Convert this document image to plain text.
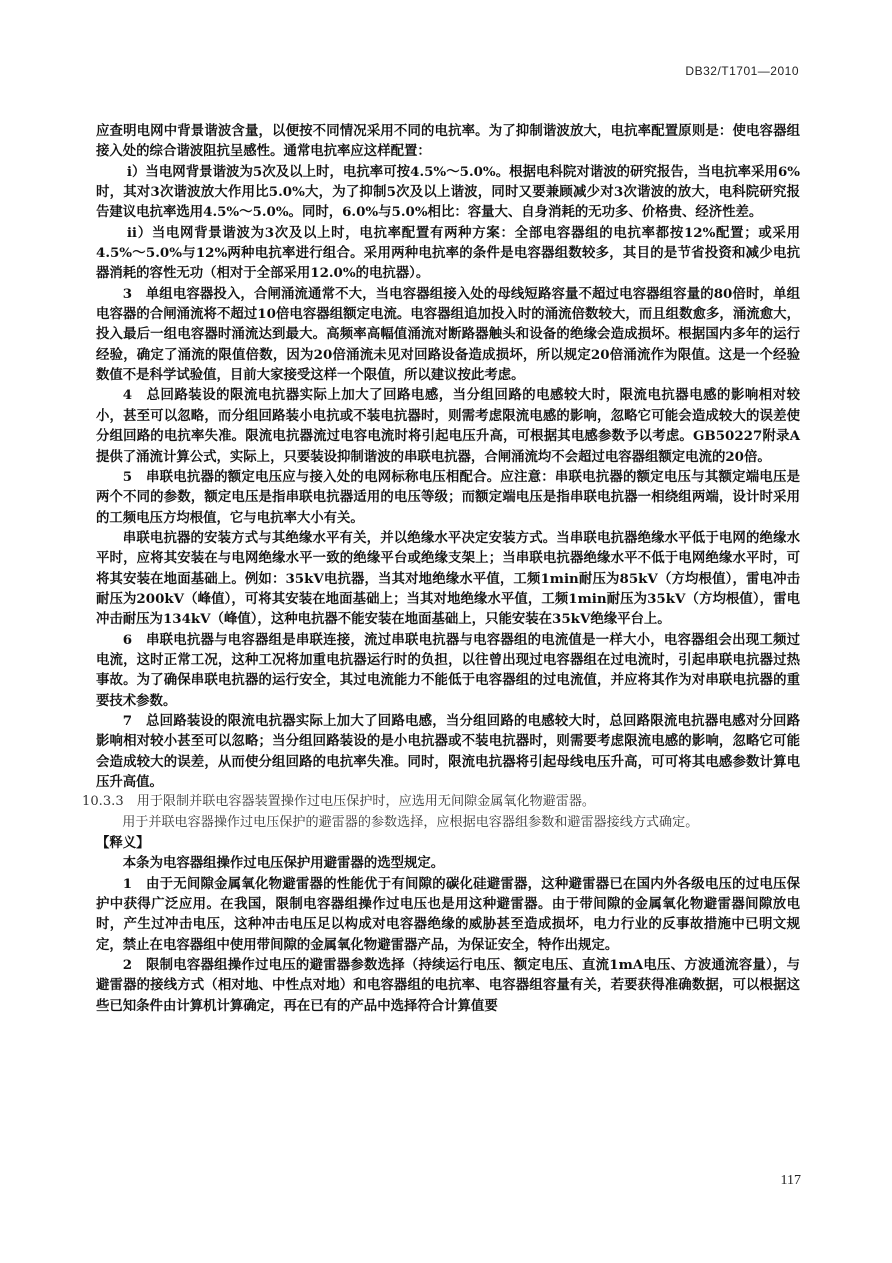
DB32/T1701—2010

应查明电网中背景谐波含量，以便按不同情况采用不同的电抗率。为了抑制谐波放大，电抗率配置原则是：使电容器组接入处的综合谐波阻抗呈感性。通常电抗率应这样配置：

i）当电网背景谐波为5次及以上时，电抗率可按4.5%～5.0%。根据电科院对谐波的研究报告，当电抗率采用6%时，其对3次谐波放大作用比5.0%大，为了抑制5次及以上谐波，同时又要兼顾减少对3次谐波的放大，电科院研究报告建议电抗率选用4.5%～5.0%。同时，6.0%与5.0%相比：容量大、自身消耗的无功多、价格贵、经济性差。

ii）当电网背景谐波为3次及以上时，电抗率配置有两种方案：全部电容器组的电抗率都按12%配置；或采用4.5%～5.0%与12%两种电抗率进行组合。采用两种电抗率的条件是电容器组数较多，其目的是节省投资和减少电抗器消耗的容性无功（相对于全部采用12.0%的电抗器）。

3　单组电容器投入，合闸涌流通常不大，当电容器组接入处的母线短路容量不超过电容器组容量的80倍时，单组电容器的合闸涌流将不超过10倍电容器组额定电流。电容器组追加投入时的涌流倍数较大，而且组数愈多，涌流愈大，投入最后一组电容器时涌流达到最大。高频率高幅值涌流对断路器触头和设备的绝缘会造成损坏。根据国内多年的运行经验，确定了涌流的限值倍数，因为20倍涌流未见对回路设备造成损坏，所以规定20倍涌流作为限值。这是一个经验数值不是科学试验值，目前大家接受这样一个限值，所以建议按此考虑。

4　总回路装设的限流电抗器实际上加大了回路电感，当分组回路的电感较大时，限流电抗器电感的影响相对较小，甚至可以忽略，而分组回路装小电抗或不装电抗器时，则需考虑限流电感的影响，忽略它可能会造成较大的误差使分组回路的电抗率失准。限流电抗器流过电容电流时将引起电压升高，可根据其电感参数予以考虑。GB50227附录A提供了涌流计算公式，实际上，只要装设抑制谐波的串联电抗器，合闸涌流均不会超过电容器组额定电流的20倍。

5　串联电抗器的额定电压应与接入处的电网标称电压相配合。应注意：串联电抗器的额定电压与其额定端电压是两个不同的参数，额定电压是指串联电抗器适用的电压等级；而额定端电压是指串联电抗器一相绕组两端，设计时采用的工频电压方均根值，它与电抗率大小有关。

串联电抗器的安装方式与其绝缘水平有关，并以绝缘水平决定安装方式。当串联电抗器绝缘水平低于电网的绝缘水平时，应将其安装在与电网绝缘水平一致的绝缘平台或绝缘支架上；当串联电抗器绝缘水平不低于电网绝缘水平时，可将其安装在地面基础上。例如：35kV电抗器，当其对地绝缘水平值，工频1min耐压为85kV（方均根值），雷电冲击耐压为200kV（峰值），可将其安装在地面基础上；当其对地绝缘水平值，工频1min耐压为35kV（方均根值），雷电冲击耐压为134kV（峰值），这种电抗器不能安装在地面基础上，只能安装在35kV绝缘平台上。

6　串联电抗器与电容器组是串联连接，流过串联电抗器与电容器组的电流值是一样大小，电容器组会出现工频过电流，这时正常工况，这种工况将加重电抗器运行时的负担，以往曾出现过电容器组在过电流时，引起串联电抗器过热事故。为了确保串联电抗器的运行安全，其过电流能力不能低于电容器组的过电流值，并应将其作为对串联电抗器的重要技术参数。

7　总回路装设的限流电抗器实际上加大了回路电感，当分组回路的电感较大时，总回路限流电抗器电感对分回路影响相对较小甚至可以忽略；当分组回路装设的是小电抗器或不装电抗器时，则需要考虑限流电感的影响，忽略它可能会造成较大的误差，从而使分组回路的电抗率失准。同时，限流电抗器将引起母线电压升高，可可将其电感参数计算电压升高值。

10.3.3　 用于限制并联电容器装置操作过电压保护时，应选用无间隙金属氧化物避雷器。

用于并联电容器操作过电压保护的避雷器的参数选择，应根据电容器组参数和避雷器接线方式确定。

【释义】

本条为电容器组操作过电压保护用避雷器的选型规定。

1　由于无间隙金属氧化物避雷器的性能优于有间隙的碳化硅避雷器，这种避雷器已在国内外各级电压的过电压保护中获得广泛应用。在我国，限制电容器组操作过电压也是用这种避雷器。由于带间隙的金属氧化物避雷器间隙放电时，产生过冲击电压，这种冲击电压足以构成对电容器绝缘的威胁甚至造成损坏，电力行业的反事故措施中已明文规定，禁止在电容器组中使用带间隙的金属氧化物避雷器产品，为保证安全，特作出规定。

2　限制电容器组操作过电压的避雷器参数选择（持续运行电压、额定电压、直流1mA电压、方波通流容量），与避雷器的接线方式（相对地、中性点对地）和电容器组的电抗率、电容器组容量有关，若要获得准确数据，可以根据这些已知条件由计算机计算确定，再在已有的产品中选择符合计算值要

117
